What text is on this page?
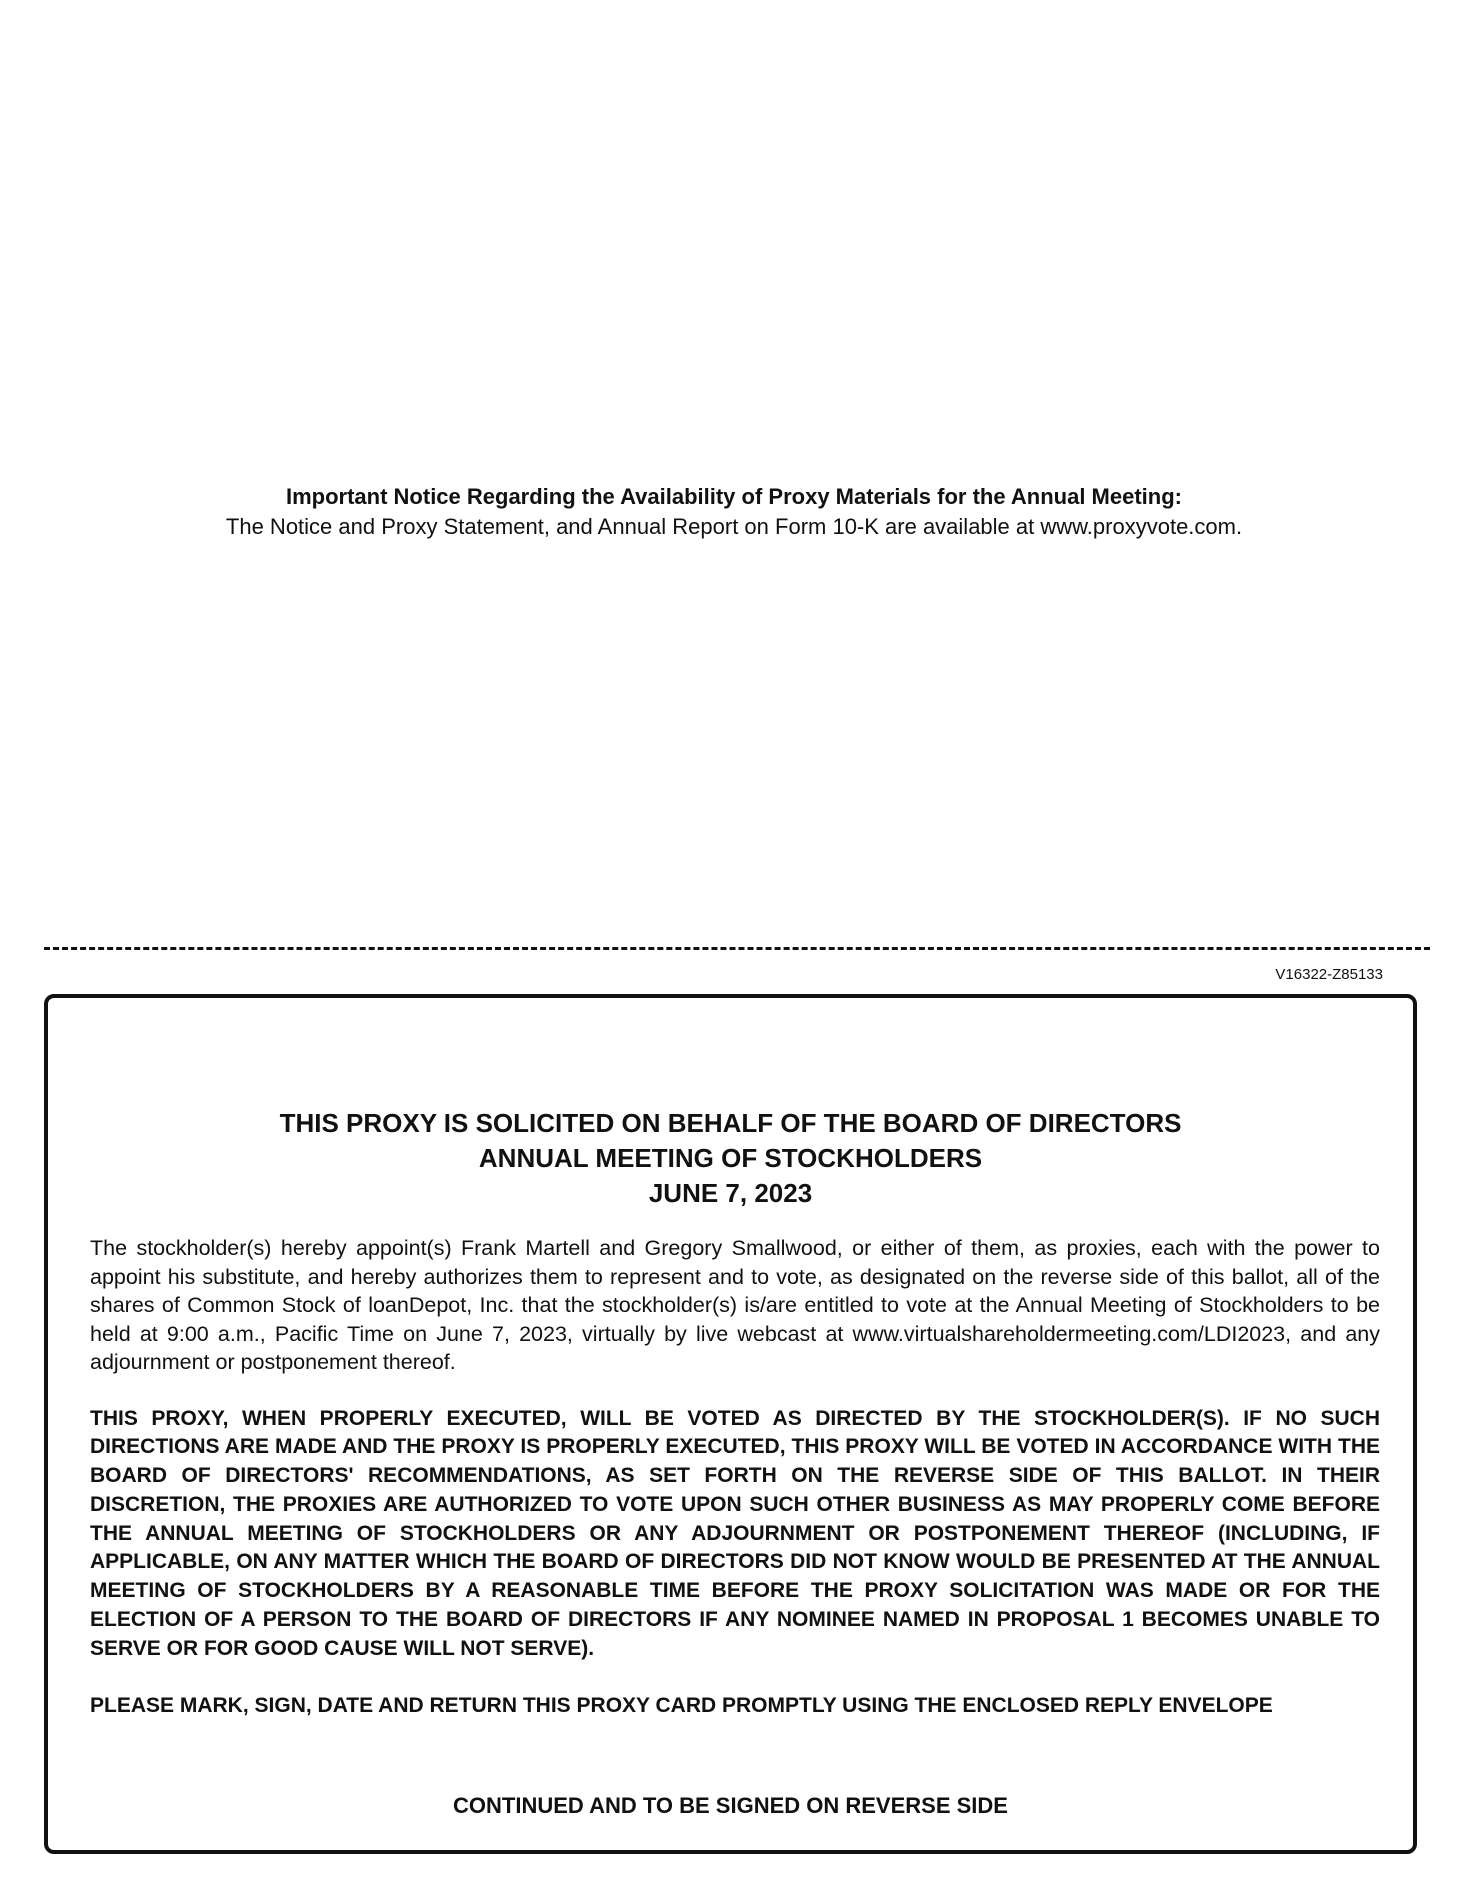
Important Notice Regarding the Availability of Proxy Materials for the Annual Meeting:
The Notice and Proxy Statement, and Annual Report on Form 10-K are available at www.proxyvote.com.
V16322-Z85133
THIS PROXY IS SOLICITED ON BEHALF OF THE BOARD OF DIRECTORS
ANNUAL MEETING OF STOCKHOLDERS
JUNE 7, 2023

The stockholder(s) hereby appoint(s) Frank Martell and Gregory Smallwood, or either of them, as proxies, each with the power to appoint his substitute, and hereby authorizes them to represent and to vote, as designated on the reverse side of this ballot, all of the shares of Common Stock of loanDepot, Inc. that the stockholder(s) is/are entitled to vote at the Annual Meeting of Stockholders to be held at 9:00 a.m., Pacific Time on June 7, 2023, virtually by live webcast at www.virtualshareholdermeeting.com/LDI2023, and any adjournment or postponement thereof.

THIS PROXY, WHEN PROPERLY EXECUTED, WILL BE VOTED AS DIRECTED BY THE STOCKHOLDER(S). IF NO SUCH DIRECTIONS ARE MADE AND THE PROXY IS PROPERLY EXECUTED, THIS PROXY WILL BE VOTED IN ACCORDANCE WITH THE BOARD OF DIRECTORS' RECOMMENDATIONS, AS SET FORTH ON THE REVERSE SIDE OF THIS BALLOT. IN THEIR DISCRETION, THE PROXIES ARE AUTHORIZED TO VOTE UPON SUCH OTHER BUSINESS AS MAY PROPERLY COME BEFORE THE ANNUAL MEETING OF STOCKHOLDERS OR ANY ADJOURNMENT OR POSTPONEMENT THEREOF (INCLUDING, IF APPLICABLE, ON ANY MATTER WHICH THE BOARD OF DIRECTORS DID NOT KNOW WOULD BE PRESENTED AT THE ANNUAL MEETING OF STOCKHOLDERS BY A REASONABLE TIME BEFORE THE PROXY SOLICITATION WAS MADE OR FOR THE ELECTION OF A PERSON TO THE BOARD OF DIRECTORS IF ANY NOMINEE NAMED IN PROPOSAL 1 BECOMES UNABLE TO SERVE OR FOR GOOD CAUSE WILL NOT SERVE).

PLEASE MARK, SIGN, DATE AND RETURN THIS PROXY CARD PROMPTLY USING THE ENCLOSED REPLY ENVELOPE

CONTINUED AND TO BE SIGNED ON REVERSE SIDE
